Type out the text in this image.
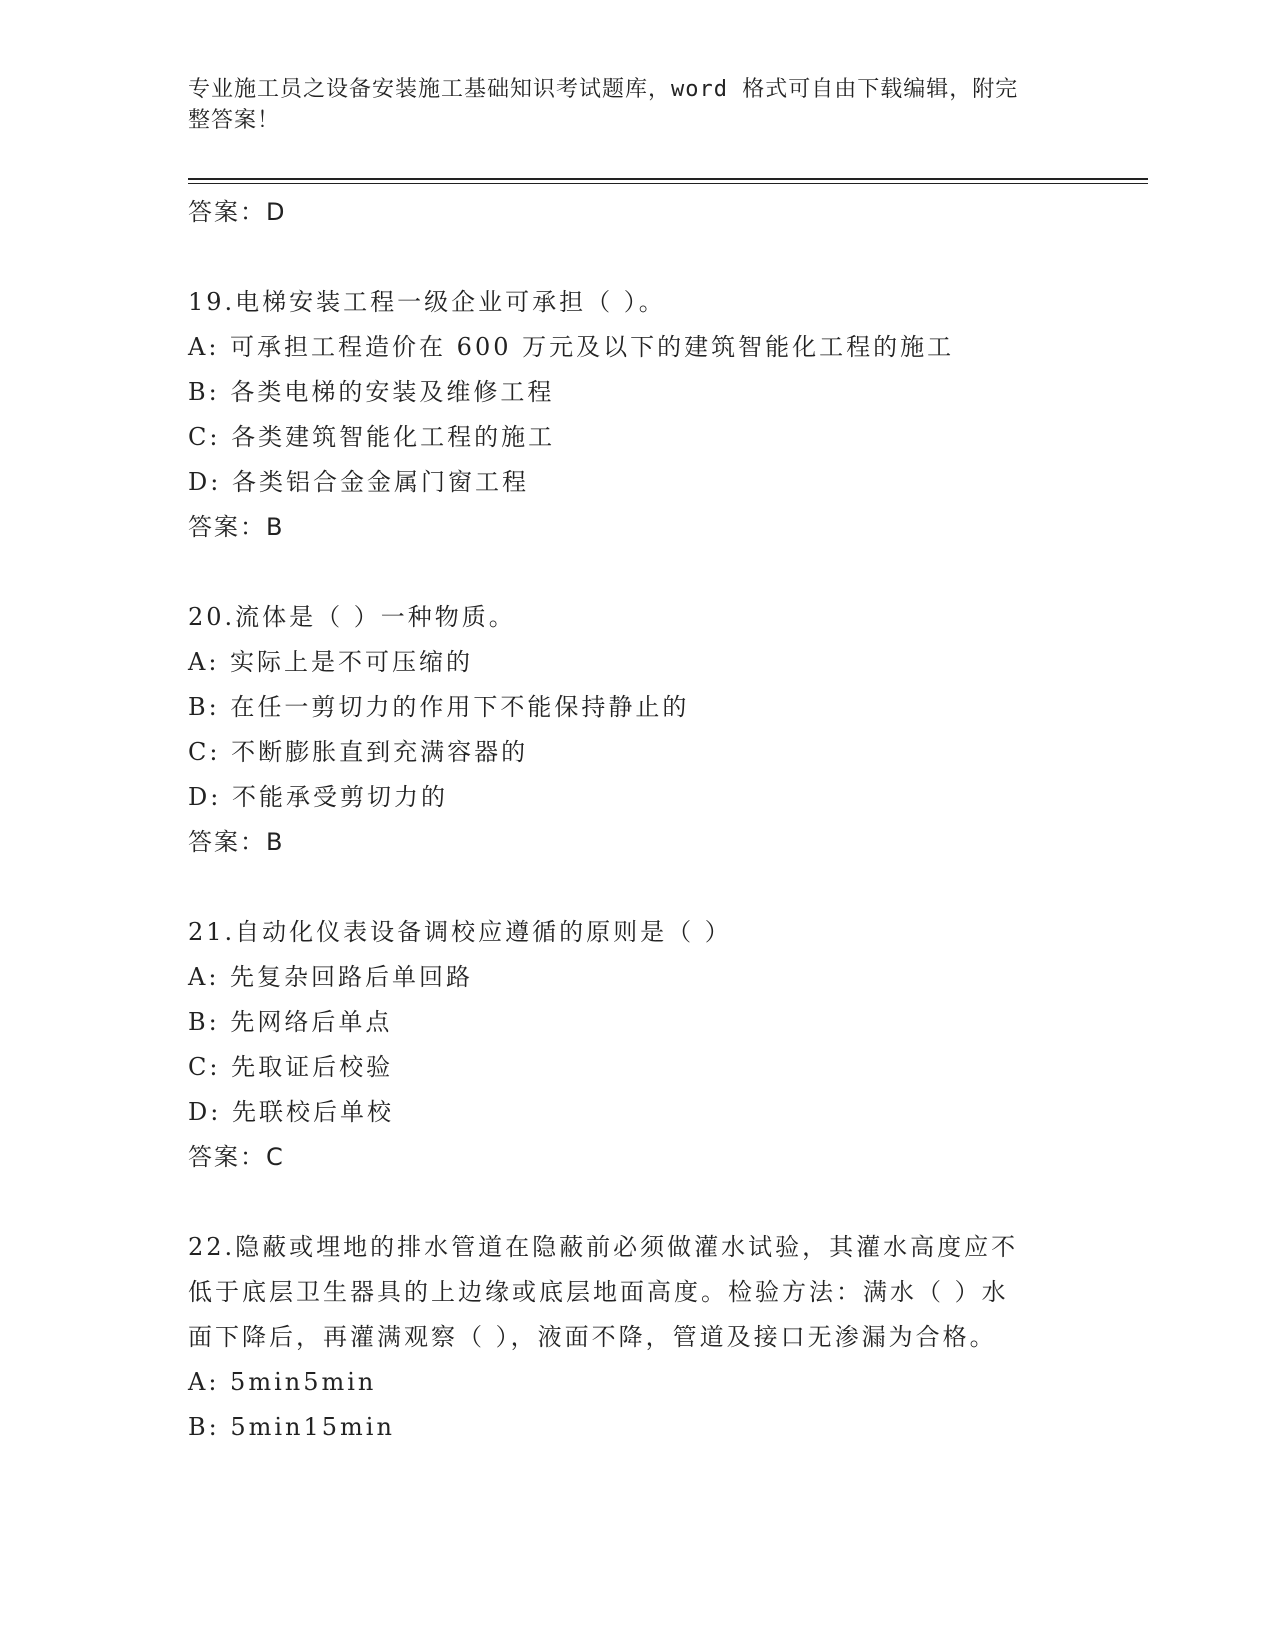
专业施工员之设备安装施工基础知识考试题库，word 格式可自由下载编辑，附完
整答案！
答案：D
19.电梯安装工程一级企业可承担（ ）。
A: 可承担工程造价在 600 万元及以下的建筑智能化工程的施工
B: 各类电梯的安装及维修工程
C: 各类建筑智能化工程的施工
D: 各类铝合金金属门窗工程
答案：B
20.流体是（ ）一种物质。
A: 实际上是不可压缩的
B: 在任一剪切力的作用下不能保持静止的
C: 不断膨胀直到充满容器的
D: 不能承受剪切力的
答案：B
21.自动化仪表设备调校应遵循的原则是（ ）
A: 先复杂回路后单回路
B: 先网络后单点
C: 先取证后校验
D: 先联校后单校
答案：C
22.隐蔽或埋地的排水管道在隐蔽前必须做灌水试验，其灌水高度应不
低于底层卫生器具的上边缘或底层地面高度。检验方法：满水（ ）水
面下降后，再灌满观察（ ），液面不降，管道及接口无渗漏为合格。
A: 5min5min
B: 5min15min
